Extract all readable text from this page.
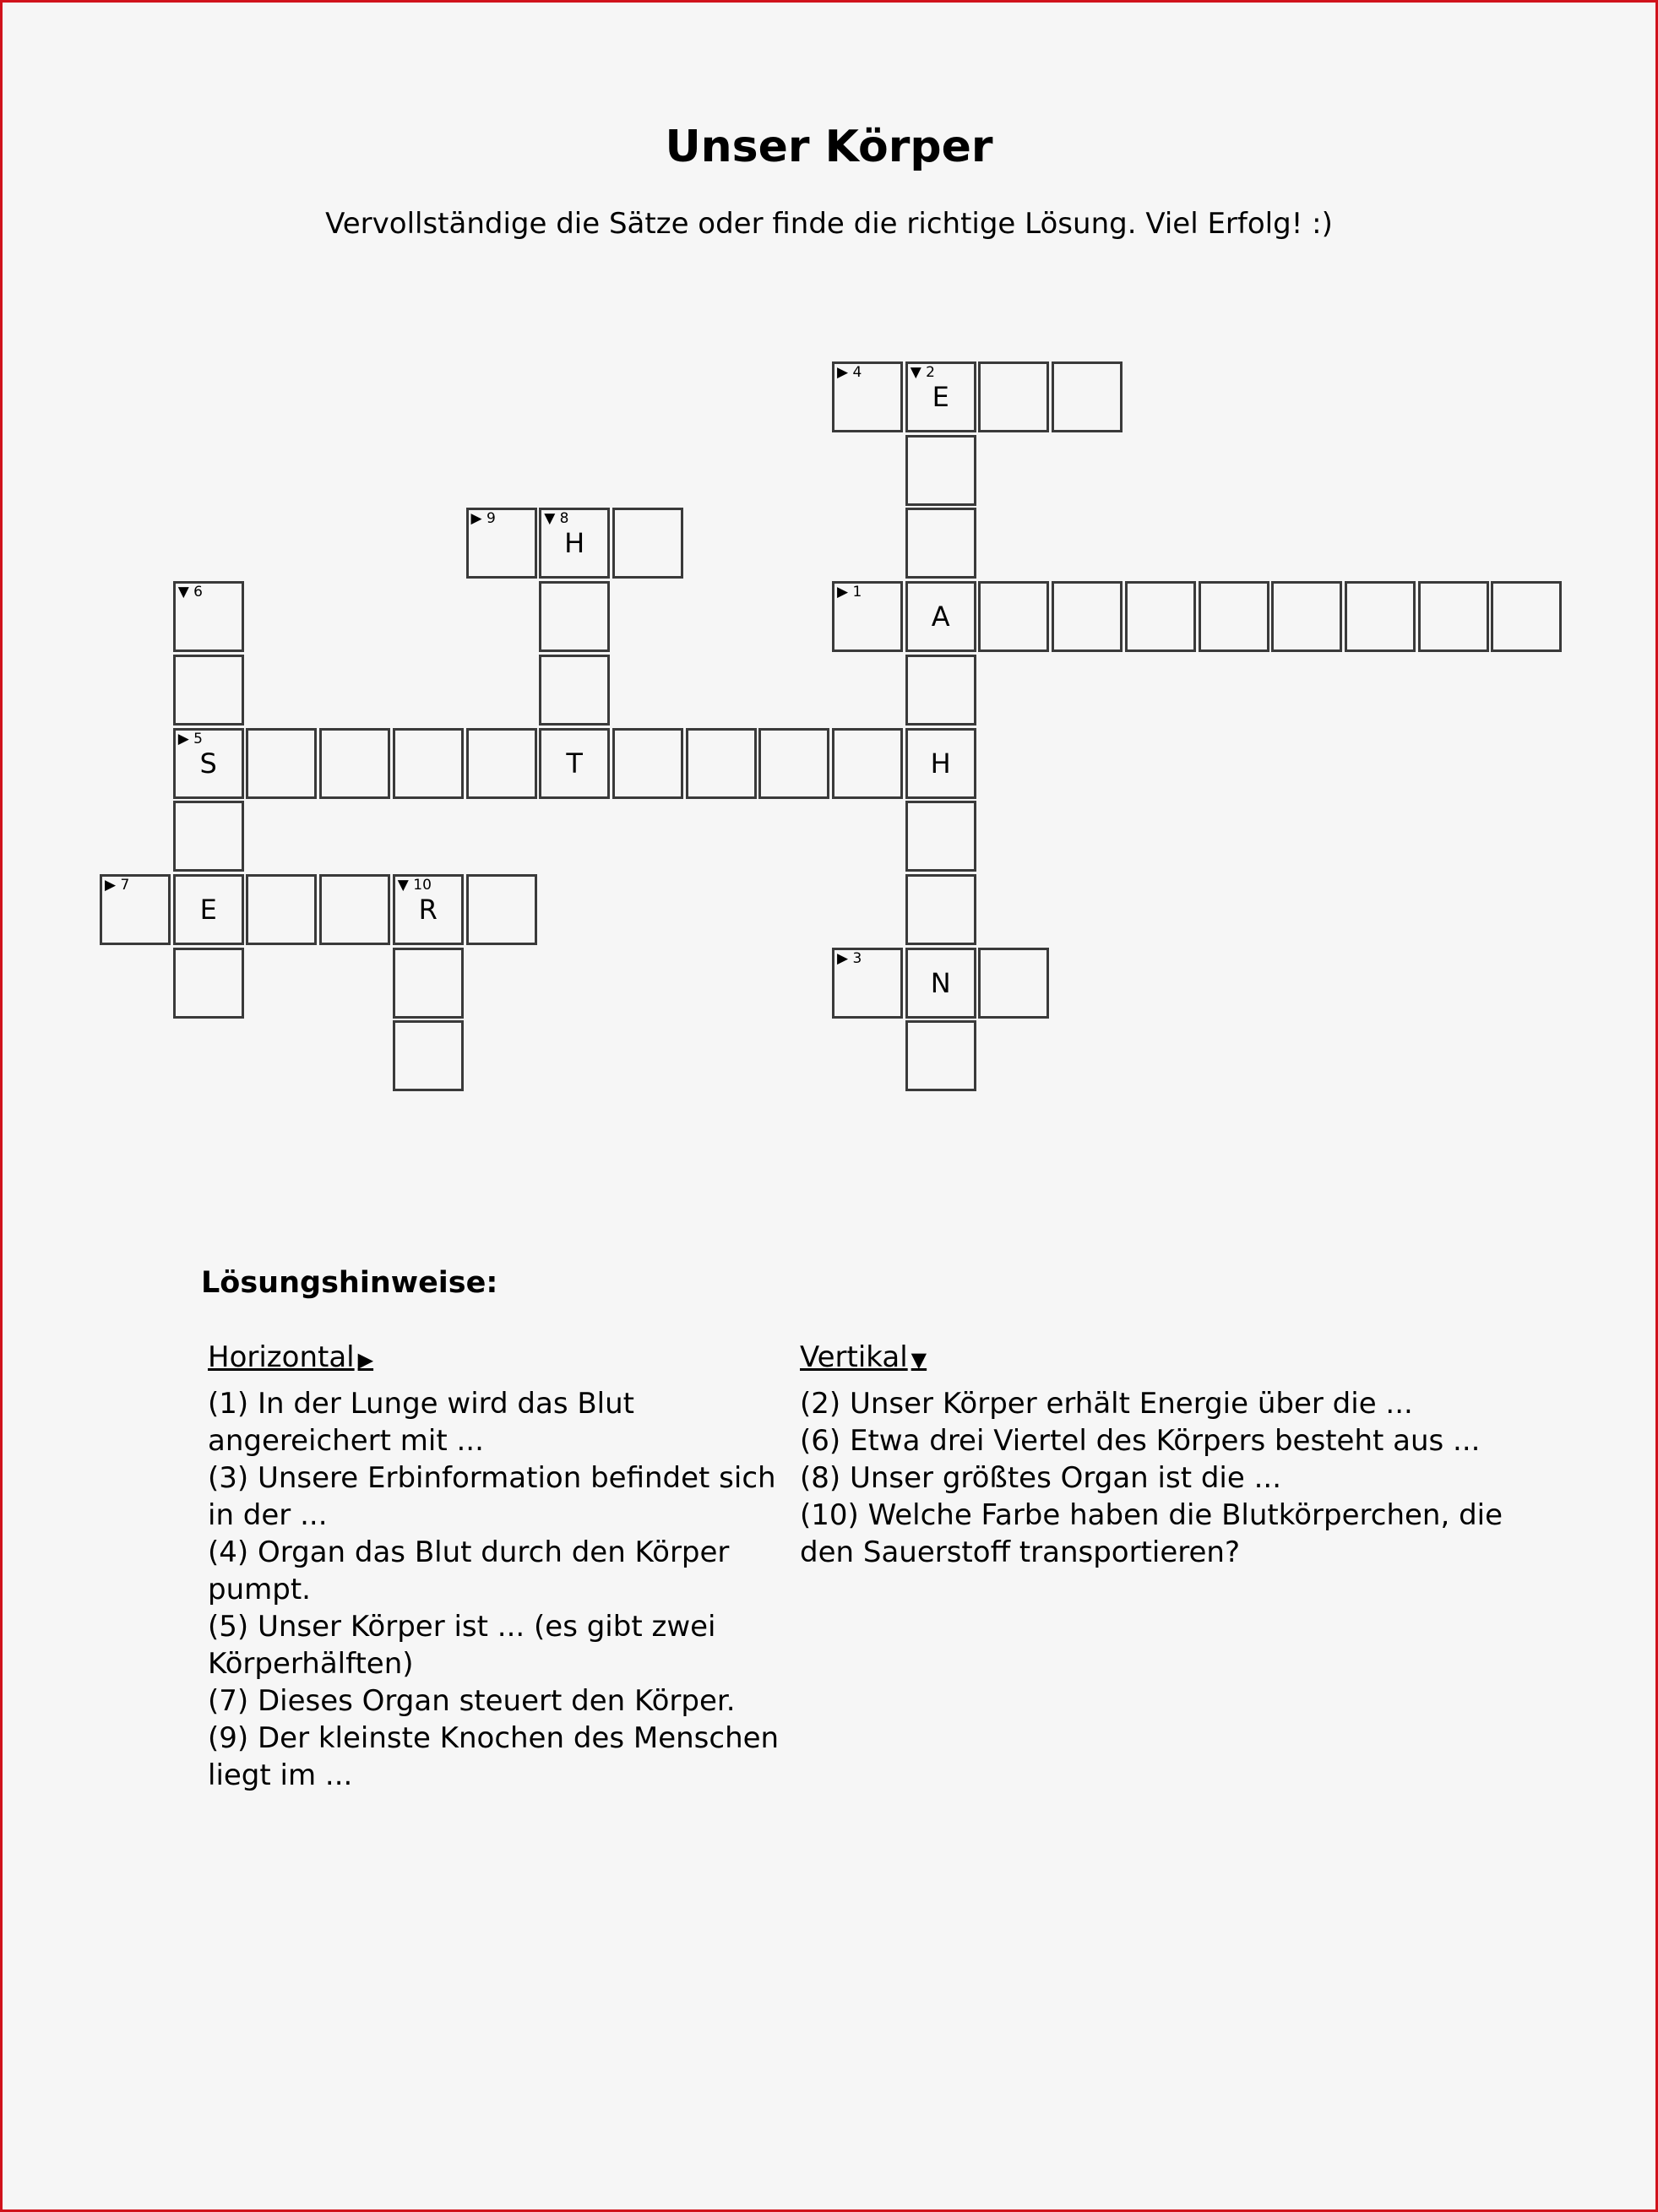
Unser Körper
Vervollständige die Sätze oder finde die richtige Lösung. Viel Erfolg! :)
▶ 4	▼ 2
E
▶ 9	▼ 8
H
▼ 6	▶ 1
A
▶ 5
S	T	H
▶ 7
E
▼ 10
R
▶ 3
N
Lösungshinweise:
Horizontal ▶

(1) In der Lunge wird das Blut angereichert mit ...

(3) Unsere Erbinformation befindet sich in der ...

(4) Organ das Blut durch den Körper pumpt.

(5) Unser Körper ist ... (es gibt zwei Körperhälften)

(7) Dieses Organ steuert den Körper.

(9) Der kleinste Knochen des Menschen liegt im ...

Vertikal ▼

(2) Unser Körper erhält Energie über die ...

(6) Etwa drei Viertel des Körpers besteht aus ...

(8) Unser größtes Organ ist die ...

(10) Welche Farbe haben die Blutkörperchen, die den Sauerstoff transportieren?
